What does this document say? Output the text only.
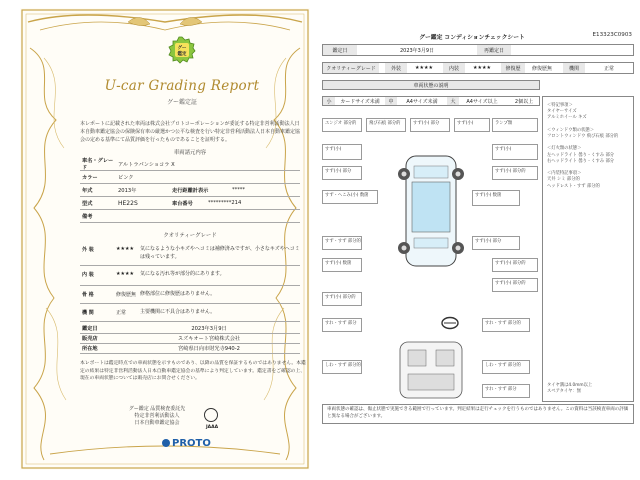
グー
鑑定
U-car Grading Report
グー鑑定証
本レポートに記載された車両は株式会社プロトコーポレーションが委託する特定非営利活動法人日本自動車鑑定協会の保険保有車の厳選かつ公平な検査を行い特定非営利活動法人日本自動車鑑定協会の定める基準にて品質評価を行ったものであることを証明する。
車両諸元内容
車名・グレード
アルトラパンショコラ X
カラー	ピンク
年式	2013年	走行距離計表示	*****
型式	HE22S	車台番号	*********214
備考
クオリティーグレード
外 装	★★★★	気になるような小キズやヘコミは補修済みですが、小さなキズやヘコミは残っています。
内 装	★★★★	気になる汚れ等が部分的にあります。
骨 格	修復歴無 修格部位に修復歴はありません。
機 関	正常	主要機関に不具合はありません。
鑑定日	2023年3月9日
販売店	スズキオート宮崎株式会社
所在地	宮崎県日向市財光寺940-2
本レポートは鑑定時点での車両状態を示すものであり、以降の品質を保証するものではありません。本鑑定の結果は特定非営利活動法人日本自動車鑑定協会の基準により判定しています。鑑定書をご確認の上、現在の車両状態については販売店にお問合せください。
グー鑑定 品質検査委託先
特定非営利活動法人
日本自動車鑑定協会
JAAA
PROTO
グー鑑定 コンディションチェックシート	E13323C0903
鑑定日	2023年3月9日	再鑑定日
クオリティーグレード	外装	★★★★	内装	★★★★	修復歴	修復歴無	機関	正常
車両状態の説明
小	カードサイズ未満	中	A4サイズ未満	大	A4サイズ以上	2個以上
エンジオ 部分的	飛び石痕 部分的	すず(小) 部分	すず(小)	ランプ類
すず(小)	すず(小)
すず(小) 部分	すず(小) 部分的
すず・へこみ(小) 数箇	すず(小) 数箇
すず・すず 部分的	すず(小) 部分
すず(小) 数箇	すず(小) 部分的
すず(小) 部分的
すず(小) 部分的
すれ・すず 部分	すれ・すず 部分的
しわ・すず 部分的	しわ・すず 部分的
すれ・すず 部分
＜特記事項＞
タイヤーサイズ
アルミホイール キズ

＜ウィンドウ類の状態＞
フロントウィンドウ 飛び石痕 部分的

＜灯火類の状態＞
左ヘッドライト 曇り・くすみ 部分
右ヘッドライト 曇り・くすみ 部分

＜内装特記事項＞
天井 シミ 部分的
ヘッドレスト・すず 部分的
タイヤ溝は4.0mm以上
スペアタイヤ：無
車両状態の確認は、傷止状態で実施できる範囲で行っています。判定結果は走行チェックを行うものではありません。この資料は当該検査車両の評価と異なる場合がございます。
